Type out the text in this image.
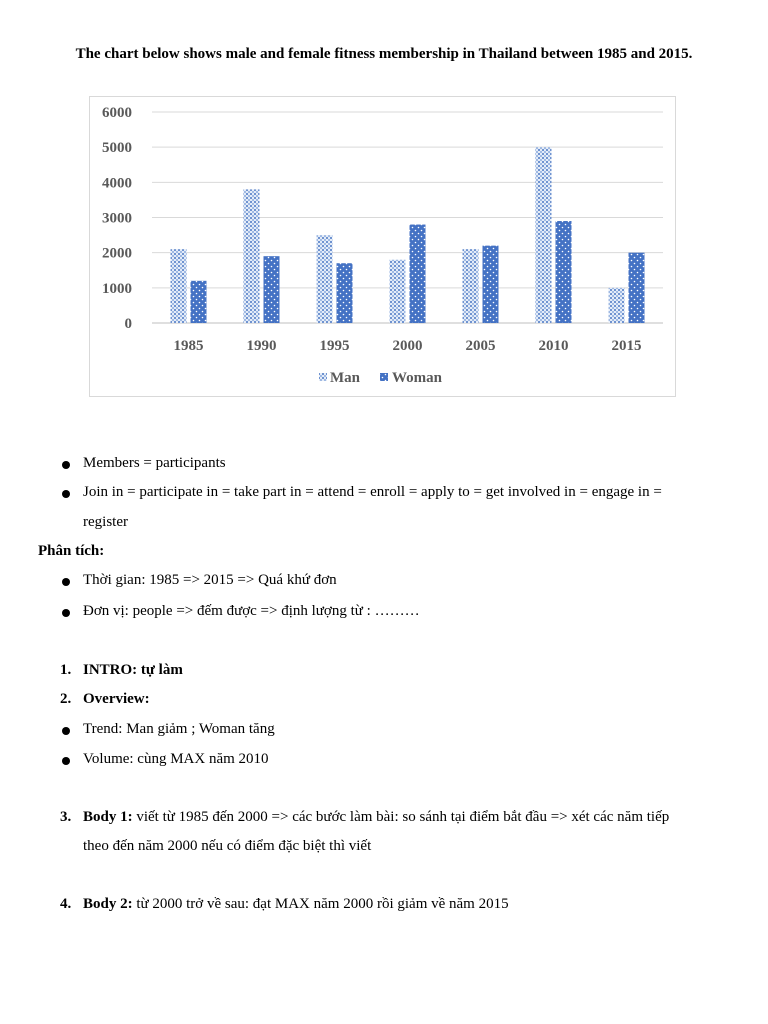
The chart below shows male and female fitness membership in Thailand between 1985 and 2015.
0
1000
2000
3000
4000
5000
6000
1985	1990	1995	2000	2005	2010	2015
Man Woman
Members = participants
Join in = participate in = take part in = attend = enroll = apply to = get involved in = engage in =
register
Phân tích:
Thời gian: 1985 => 2015 => Quá khứ đơn
Đơn vị: people => đếm được => định lượng từ : ………
1. INTRO: tự làm
2. Overview:
Trend: Man giảm ; Woman tăng
Volume: cùng MAX năm 2010
3. Body 1: viết từ 1985 đến 2000 => các bước làm bài: so sánh tại điểm bắt đầu => xét các năm tiếp
theo đến năm 2000 nếu có điểm đặc biệt thì viết
4. Body 2: từ 2000 trở về sau: đạt MAX năm 2000 rồi giảm về năm 2015
